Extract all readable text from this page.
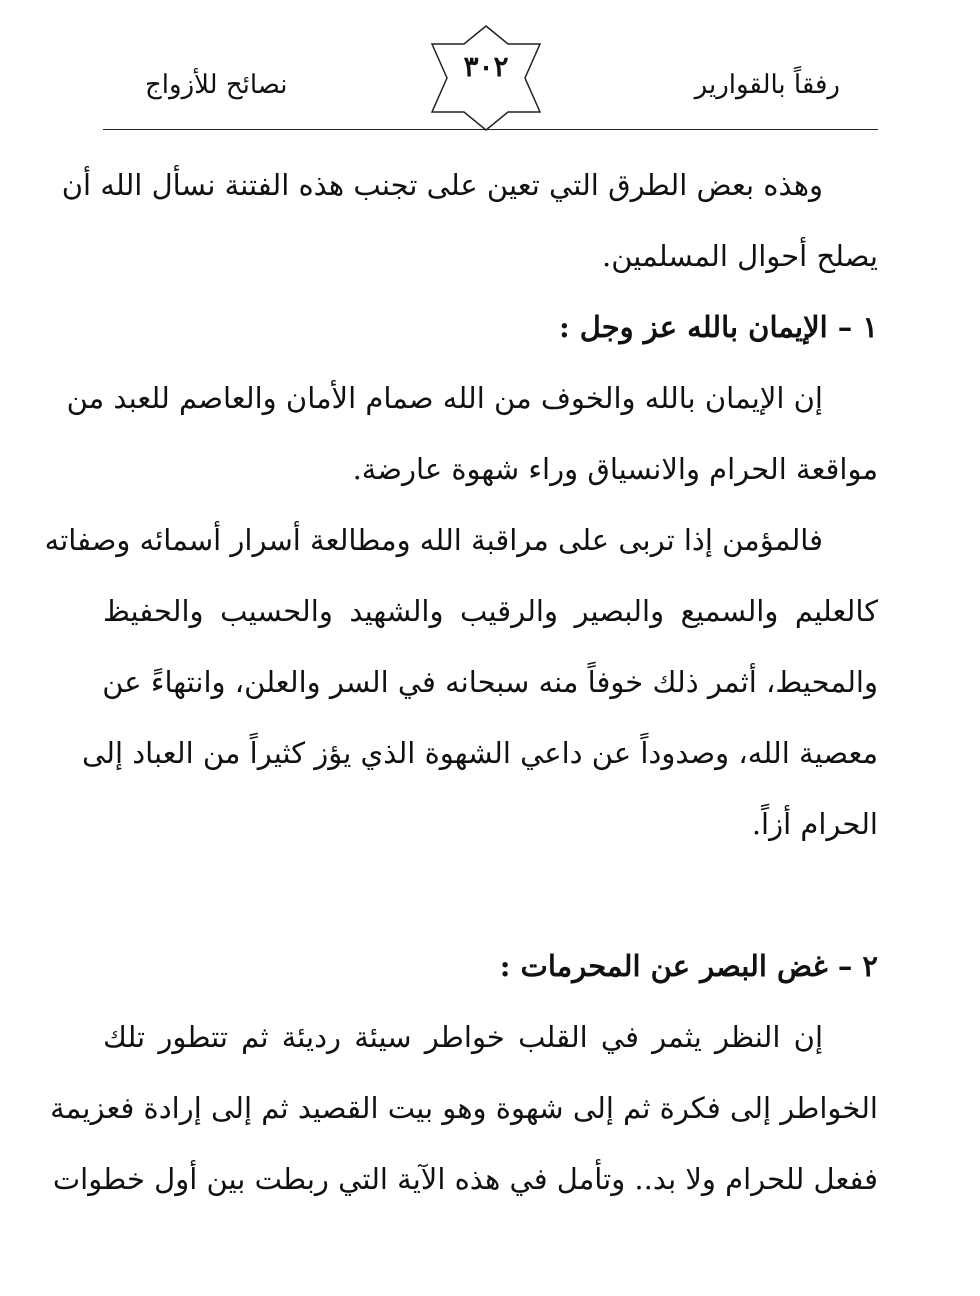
رفقاً بالقوارير
نصائح للأزواج
٣٠٢
وهذه بعض الطرق التي تعين على تجنب هذه الفتنة نسأل الله أن
يصلح أحوال المسلمين.
١ – الإيمان بالله عز وجل :
إن الإيمان بالله والخوف من الله صمام الأمان والعاصم للعبد من
مواقعة الحرام والانسياق وراء شهوة عارضة.
فالمؤمن إذا تربى على مراقبة الله ومطالعة أسرار أسمائه وصفاته
كالعليم والسميع والبصير والرقيب والشهيد والحسيب والحفيظ
والمحيط، أثمر ذلك خوفاً منه سبحانه في السر والعلن، وانتهاءً عن
معصية الله، وصدوداً عن داعي الشهوة الذي يؤز كثيراً من العباد إلى
الحرام أزاً.
٢ – غض البصر عن المحرمات :
إن النظر يثمر في القلب خواطر سيئة رديئة ثم تتطور تلك
الخواطر إلى فكرة ثم إلى شهوة وهو بيت القصيد ثم إلى إرادة فعزيمة
ففعل للحرام ولا بد.. وتأمل في هذه الآية التي ربطت بين أول خطوات
